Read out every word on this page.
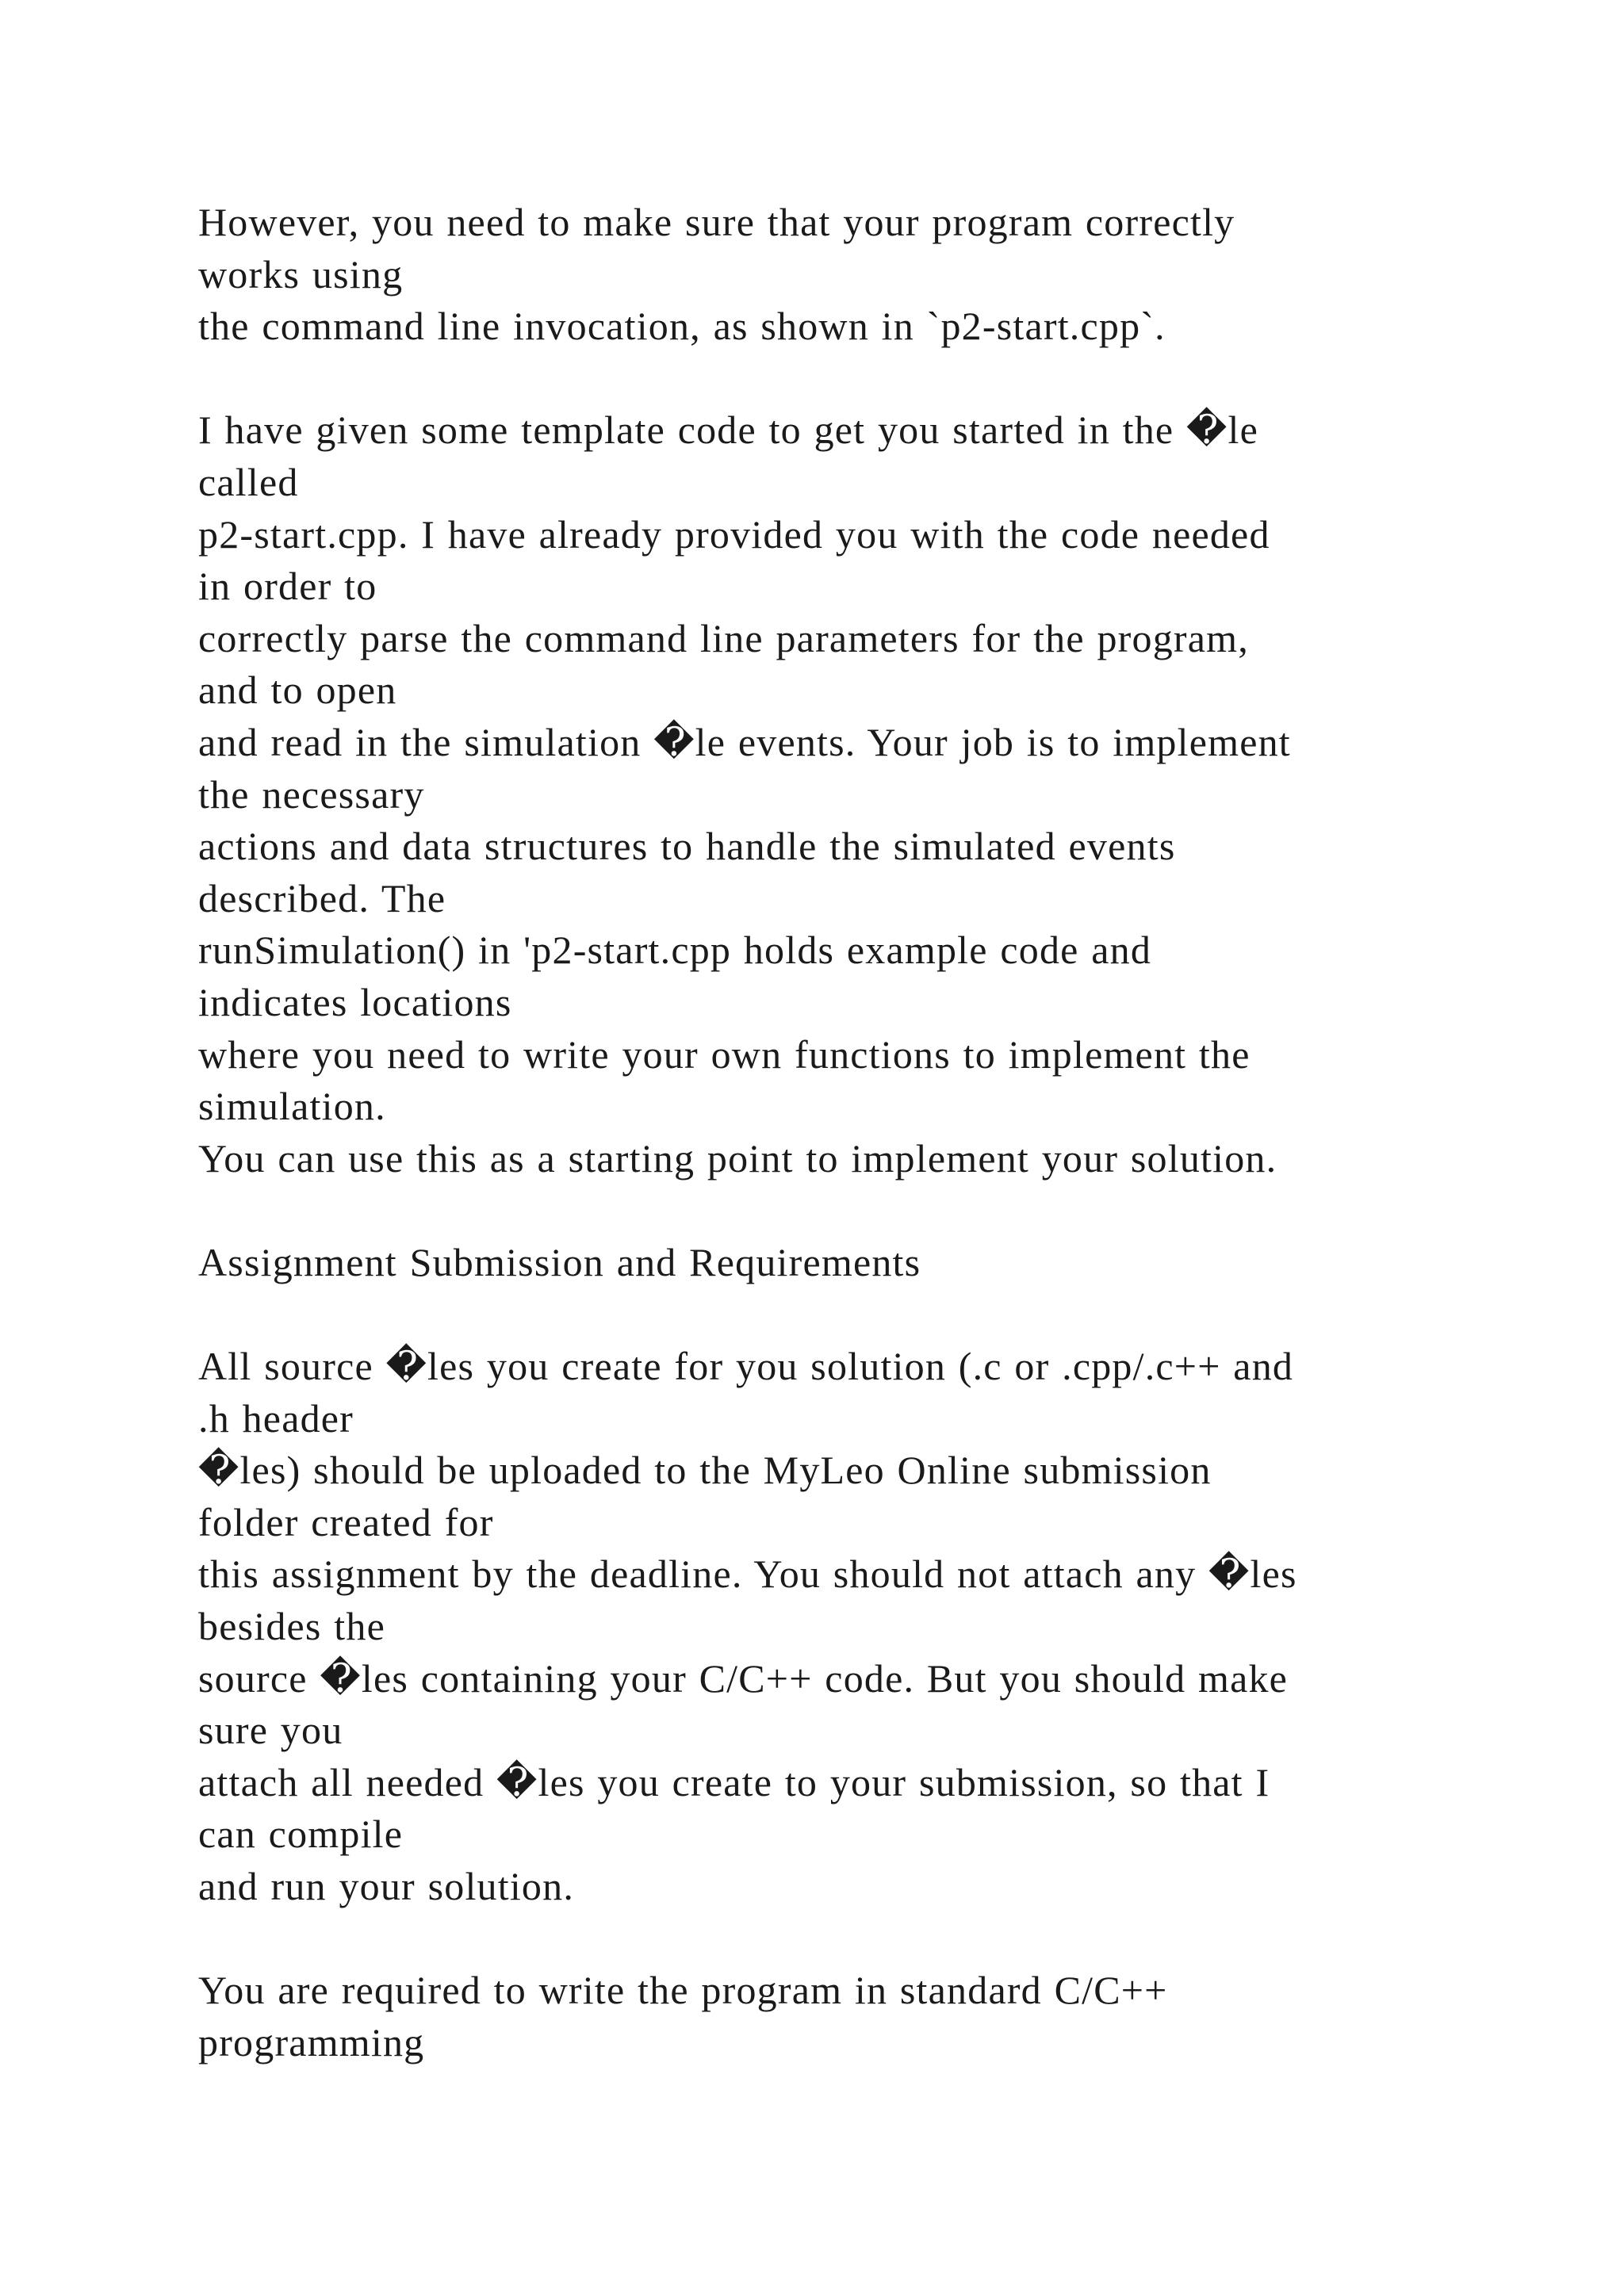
However, you need to make sure that your program correctly
works using
the command line invocation, as shown in `p2-start.cpp`.
I have given some template code to get you started in the �le
called
p2-start.cpp. I have already provided you with the code needed
in order to
correctly parse the command line parameters for the program,
and to open
and read in the simulation �le events. Your job is to implement
the necessary
actions and data structures to handle the simulated events
described. The
runSimulation() in 'p2-start.cpp holds example code and
indicates locations
where you need to write your own functions to implement the
simulation.
You can use this as a starting point to implement your solution.
Assignment Submission and Requirements
All source �les you create for you solution (.c or .cpp/.c++ and
.h header
�les) should be uploaded to the MyLeo Online submission
folder created for
this assignment by the deadline. You should not attach any �les
besides the
source �les containing your C/C++ code. But you should make
sure you
attach all needed �les you create to your submission, so that I
can compile
and run your solution.
You are required to write the program in standard C/C++
programming
